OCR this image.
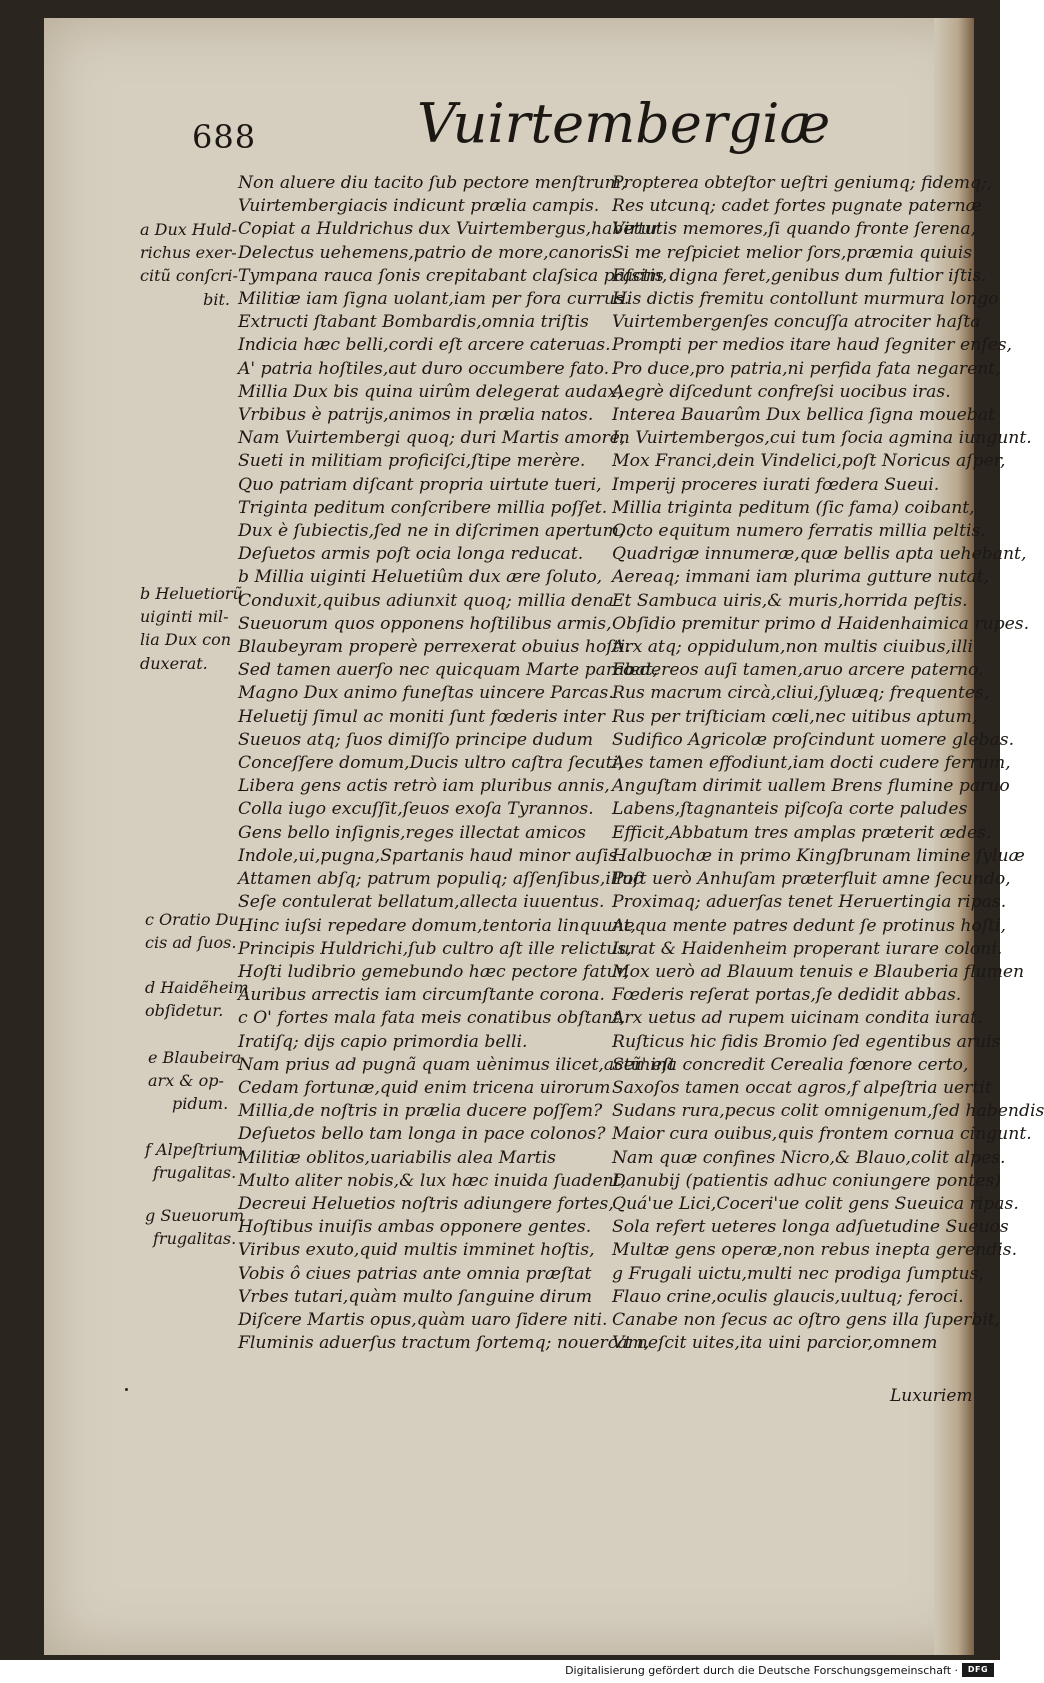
688	Vuirtembergiæ
Non aluere diu tacito ſub pectore menſtrum,
Vuirtembergiacis indicunt prælia campis.
Copiat a Huldrichus dux Vuirtembergus,habetur
Delectus uehemens,patrio de more,canoris
Tympana rauca ſonis crepitabant claſsica paſsim,
Militiæ iam ſigna uolant,iam per fora currus.
Extructi ſtabant Bombardis,omnia triſtis
Indicia hæc belli,cordi eſt arcere cateruas.
A' patria hoſtiles,aut duro occumbere fato.
Millia Dux bis quina uirûm delegerat audax,
Vrbibus è patrijs,animos in prælia natos.
Nam Vuirtembergi quoq; duri Martis amore,
Sueti in militiam proficiſci,ſtipe merère.
Quo patriam diſcant propria uirtute tueri,
Triginta peditum conſcribere millia poſſet.
Dux è ſubiectis,ſed ne in diſcrimen apertum,
Deſuetos armis poſt ocia longa reducat.
b Millia uiginti Heluetiûm dux ære ſoluto,
Conduxit,quibus adiunxit quoq; millia dena
Sueuorum quos opponens hoſtilibus armis,
Blaubeyram properè perrexerat obuius hoſti.
Sed tamen auerſo nec quicquam Marte parabat,
Magno Dux animo funeſtas uincere Parcas.
Heluetij ſimul ac moniti ſunt fœderis inter
Sueuos atq; ſuos dimiſſo principe dudum
Conceſſere domum,Ducis ultro caſtra ſecuti,
Libera gens actis retrò iam pluribus annis,
Colla iugo excuſſit,ſeuos exoſa Tyrannos.
Gens bello inſignis,reges illectat amicos
Indole,ui,pugna,Spartanis haud minor auſis.
Attamen abſq; patrum populiq; aſſenſibus,illuc
Seſe contulerat bellatum,allecta iuuentus.
Hinc iuſsi repedare domum,tentoria linquunt,
Principis Huldrichi,ſub cultro aſt ille relictus,
Hoſti ludibrio gemebundo hæc pectore fatur,
Auribus arrectis iam circumſtante corona.
c O' fortes mala fata meis conatibus obſtant,
Iratiſq; dijs capio primordia belli.
Nam prius ad pugnã quam uènimus ilicet,actũ' eſt
Cedam fortunæ,quid enim tricena uirorum
Millia,de noſtris in prælia ducere poſſem?
Deſuetos bello tam longa in pace colonos?
Militiæ oblitos,uariabilis alea Martis
Multo aliter nobis,& lux hæc inuida ſuadent,
Decreui Heluetios noſtris adiungere fortes,
Hoſtibus inuiſis ambas opponere gentes.
Viribus exuto,quid multis imminet hoſtis,
Vobis ô ciues patrias ante omnia præſtat
Vrbes tutari,quàm multo ſanguine dirum
Diſcere Martis opus,quàm uaro ſidere niti.
Fluminis aduerſus tractum ſortemq; nouercam,
Propterea obteſtor ueſtri geniumq; fidemq;,
Res utcunq; cadet fortes pugnate paternæ
Virtutis memores,ſi quando fronte ſerena,
Si me reſpiciet melior ſors,præmia quiuis
Factis digna feret,genibus dum fultior iſtis.
His dictis fremitu contollunt murmura longo
Vuirtembergenſes concuſſa atrociter haſta
Prompti per medios itare haud ſegniter enſes,
Pro duce,pro patria,ni perfida fata negarent,
Aegrè diſcedunt confreſsi uocibus iras.
Interea Bauarûm Dux bellica ſigna mouebat
In Vuirtembergos,cui tum ſocia agmina iungunt.
Mox Franci,dein Vindelici,poſt Noricus aſper,
Imperij proceres iurati fœdera Sueui.
Millia triginta peditum (ſic fama) coibant,
Octo equitum numero ferratis millia peltis.
Quadrigæ innumeræ,quæ bellis apta uehebant,
Aereaq; immani iam plurima gutture nutat,
Et Sambuca uiris,& muris,horrida peſtis.
Obſidio premitur primo d Haidenhaimica rupes.
Arx atq; oppidulum,non multis ciuibus,illi
Fœdereos auſi tamen,aruo arcere paterno.
Rus macrum circà,cliui,ſyluæq; frequentes,
Rus per triſticiam cœli,nec uitibus aptum,
Sudifico Agricolæ proſcindunt uomere glebas.
Aes tamen effodiunt,iam docti cudere ferrum,
Anguſtam dirimit uallem Brens flumine paruo
Labens,ſtagnanteis piſcoſa corte paludes
Efficit,Abbatum tres amplas præterit ædes.
Halbuochæ in primo Kingſbrunam limine ſyluæ
Poſt uerò Anhuſam præterfluit amne ſecundo,
Proximaq; aduerſas tenet Heruertingia ripas.
Aequa mente patres dedunt ſe protinus hoſti,
Iurat & Haidenheim properant iurare coloni.
Mox uerò ad Blauum tenuis e Blauberia flumen
Fœderis reſerat portas,ſe dedidit abbas.
Arx uetus ad rupem uicinam condita iurat.
Ruſticus hic fidis Bromio ſed egentibus aruis
Semina concredit Cerealia fœnore certo,
Saxoſos tamen occat agros,f alpeſtria uertit
Sudans rura,pecus colit omnigenum,ſed habendis
Maior cura ouibus,quis frontem cornua cingunt.
Nam quæ confines Nicro,& Blauo,colit alpes.
Danubij (patientis adhuc coniungere pontes)
Quá'ue Lici,Coceri'ue colit gens Sueuica ripas.
Sola refert ueteres longa adſuetudine Sueuos
Multæ gens operæ,non rebus inepta gerendis.
g Frugali uictu,multi nec prodiga ſumptus,
Flauo crine,oculis glaucis,uultuq; feroci.
Canabe non ſecus ac oſtro gens illa ſuperbit,
Vt neſcit uites,ita uini parcior,omnem
a Dux Huld-
richus exer-
citũ conſcri-
bit.
b Heluetiorũ
uiginti mil-
lia Dux con
duxerat.
c Oratio Du
cis ad ſuos.
d Haidẽheim
obſidetur.
e Blaubeira
arx & op-
pidum.
f Alpeſtrium
frugalitas.
g Sueuorum
frugalitas.
Luxuriem
Digitalisierung gefördert durch die Deutsche Forschungsgemeinschaft ·	DFG
